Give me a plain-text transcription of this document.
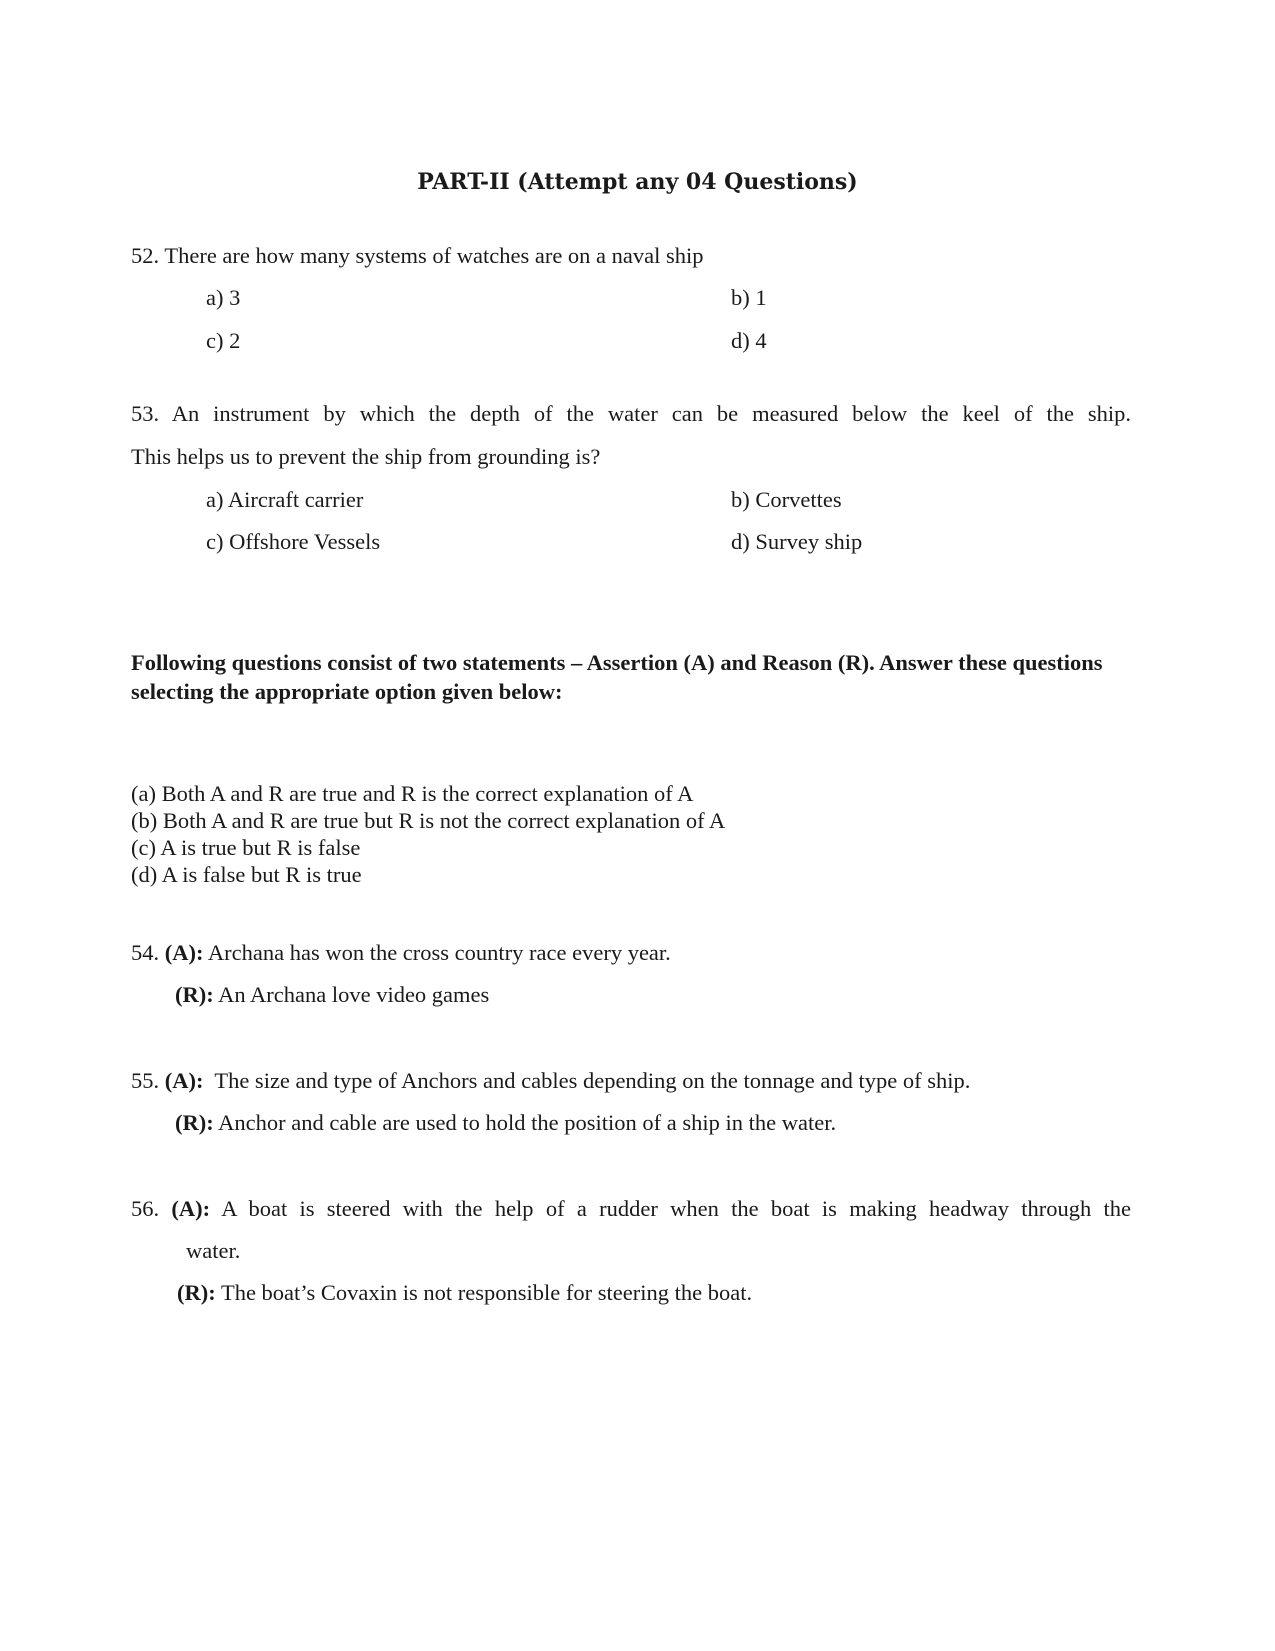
PART-II (Attempt any 04 Questions)
52. There are how many systems of watches are on a naval ship
a) 3	b) 1
c) 2	d) 4
53. An instrument by which the depth of the water can be measured below the keel of the ship.
This helps us to prevent the ship from grounding is?
a) Aircraft carrier	b) Corvettes
c) Offshore Vessels	d) Survey ship
Following questions consist of two statements – Assertion (A) and Reason (R). Answer these questions selecting the appropriate option given below:
(a) Both A and R are true and R is the correct explanation of A
(b) Both A and R are true but R is not the correct explanation of A
(c) A is true but R is false
(d) A is false but R is true
54. (A): Archana has won the cross country race every year.
(R): An Archana love video games
55. (A): The size and type of Anchors and cables depending on the tonnage and type of ship.
(R): Anchor and cable are used to hold the position of a ship in the water.
56. (A): A boat is steered with the help of a rudder when the boat is making headway through the
water.
(R): The boat’s Covaxin is not responsible for steering the boat.
